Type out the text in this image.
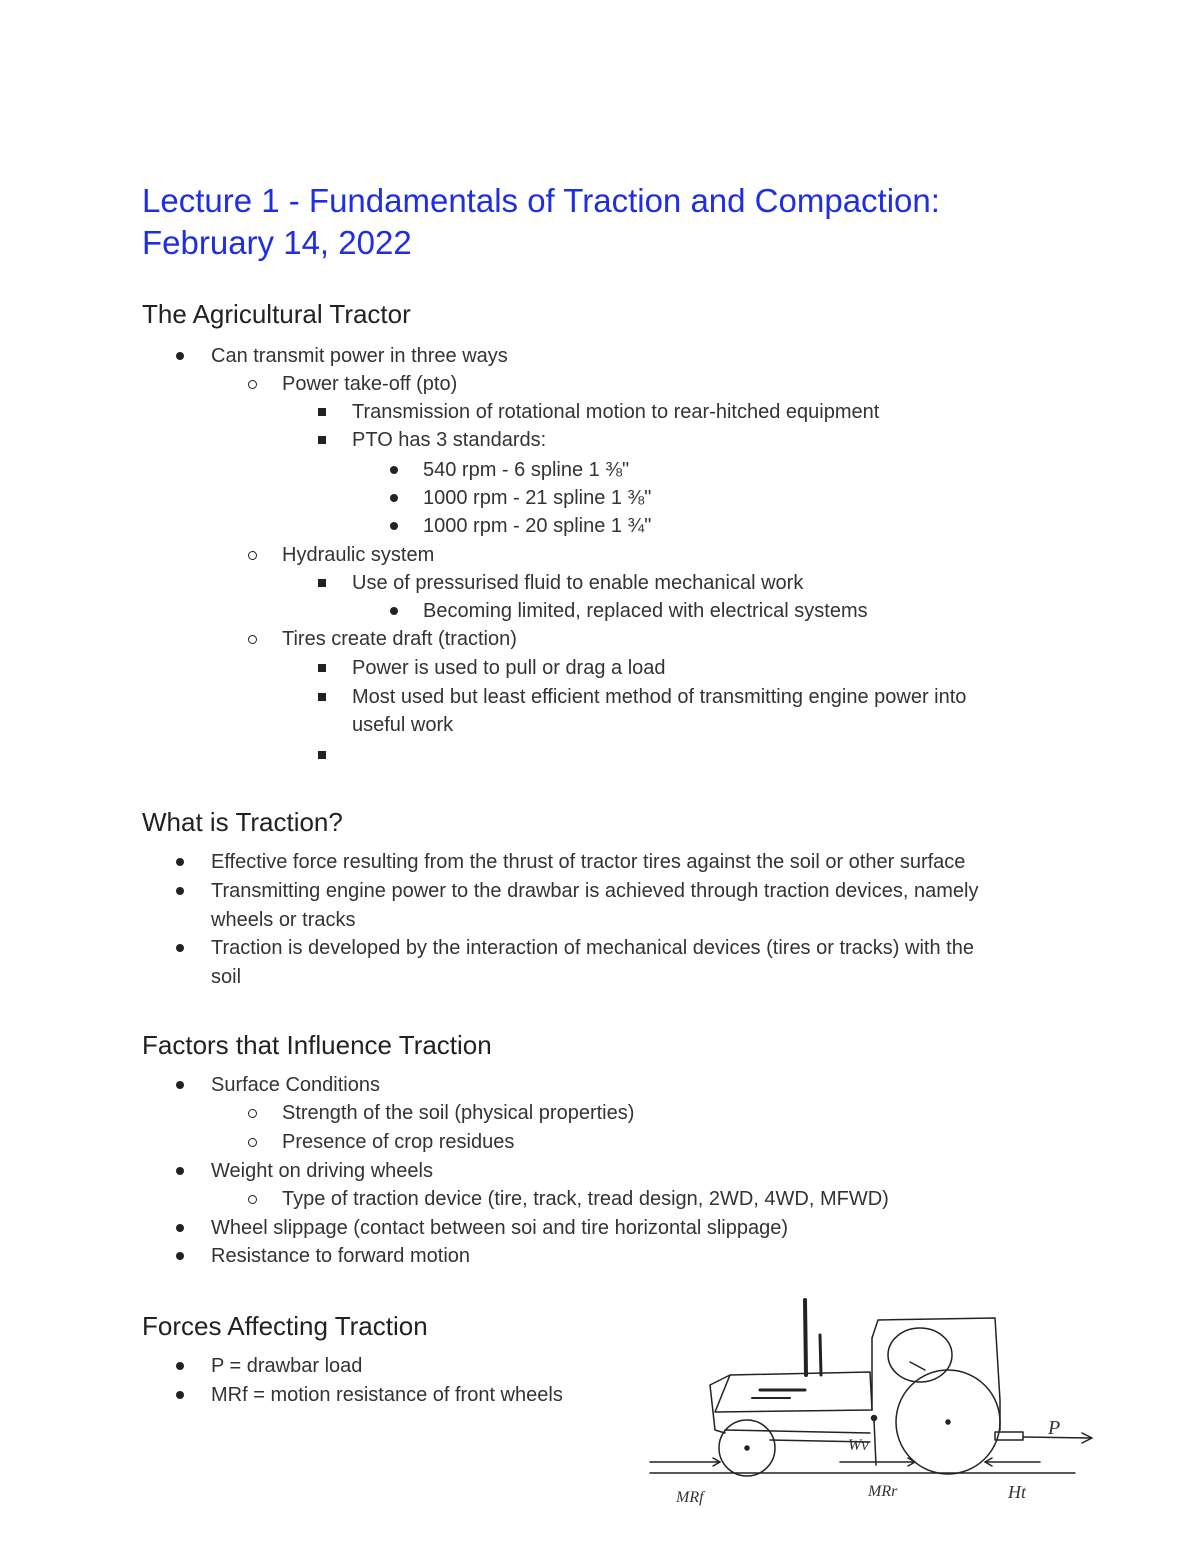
Lecture 1 - Fundamentals of Traction and Compaction:
February 14, 2022
The Agricultural Tractor
Can transmit power in three ways
Power take-off (pto)
Transmission of rotational motion to rear-hitched equipment
PTO has 3 standards:
540 rpm - 6 spline 1 ⅜"
1000 rpm - 21 spline 1 ⅜"
1000 rpm - 20 spline 1 ¾"
Hydraulic system
Use of pressurised fluid to enable mechanical work
Becoming limited, replaced with electrical systems
Tires create draft (traction)
Power is used to pull or drag a load
Most used but least efficient method of transmitting engine power into
useful work
What is Traction?
Effective force resulting from the thrust of tractor tires against the soil or other surface
Transmitting engine power to the drawbar is achieved through traction devices, namely
wheels or tracks
Traction is developed by the interaction of mechanical devices (tires or tracks) with the
soil
Factors that Influence Traction
Surface Conditions
Strength of the soil (physical properties)
Presence of crop residues
Weight on driving wheels
Type of traction device (tire, track, tread design, 2WD, 4WD, MFWD)
Wheel slippage (contact between soi and tire horizontal slippage)
Resistance to forward motion
Forces Affecting Traction
P = drawbar load
MRf = motion resistance of front wheels
P
Wv
MRf	MRr	Ht
